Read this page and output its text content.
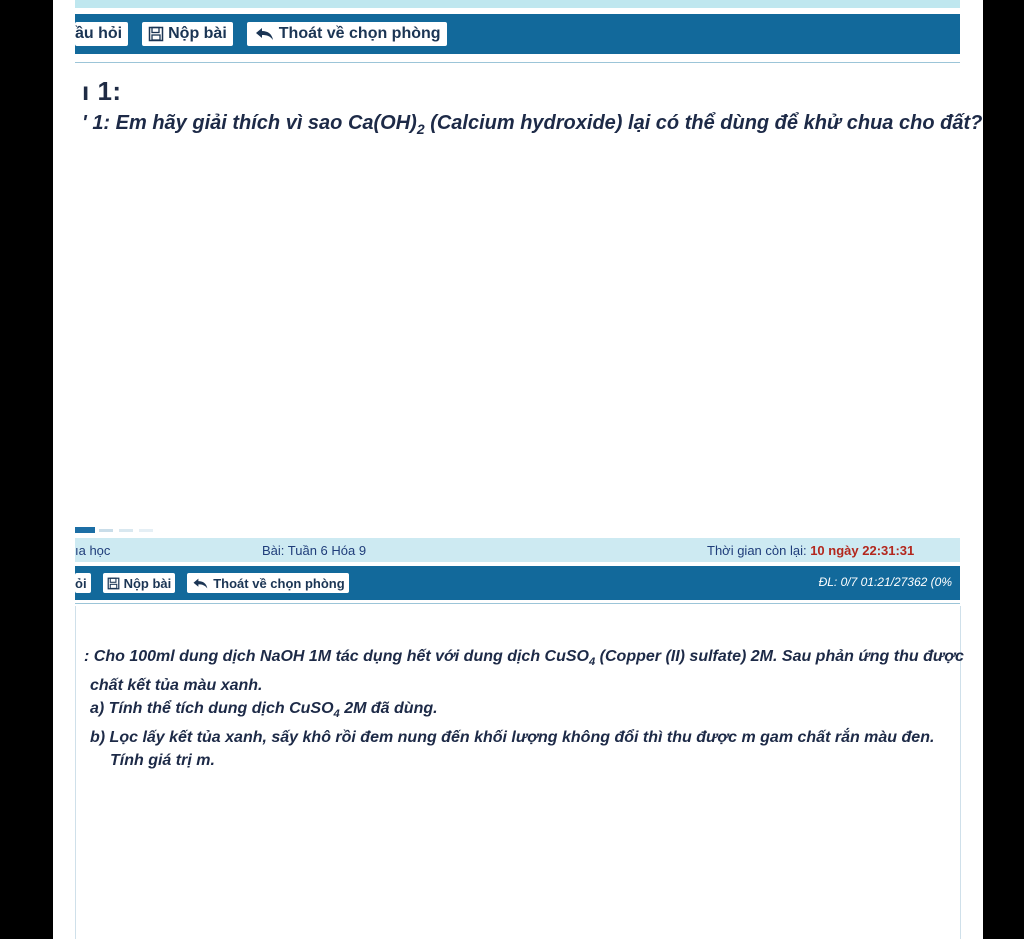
ầu hỏi	Nộp bài	Thoát về chọn phòng
ı 1:
' 1: Em hãy giải thích vì sao $Ca(OH)_2$ (Calcium hydroxide) lại có thể dùng để khử chua cho đất?
ıa học	Bài: Tuần 6 Hóa 9	Thời gian còn lại: 10 ngày 22:31:31
ỏi	Nộp bài	Thoát về chọn phòng	ĐL: 0/7 01:21/27362 (0%

: Cho 100ml dung dịch NaOH 1M tác dụng hết với dung dịch CuSO$_4$ (Copper (II) sulfate) 2M. Sau phản ứng thu được

chất kết tủa màu xanh.

a) Tính thể tích dung dịch CuSO$_4$ 2M đã dùng.

b) Lọc lấy kết tủa xanh, sấy khô rồi đem nung đến khối lượng không đổi thì thu được m gam chất rắn màu đen.

Tính giá trị m.
